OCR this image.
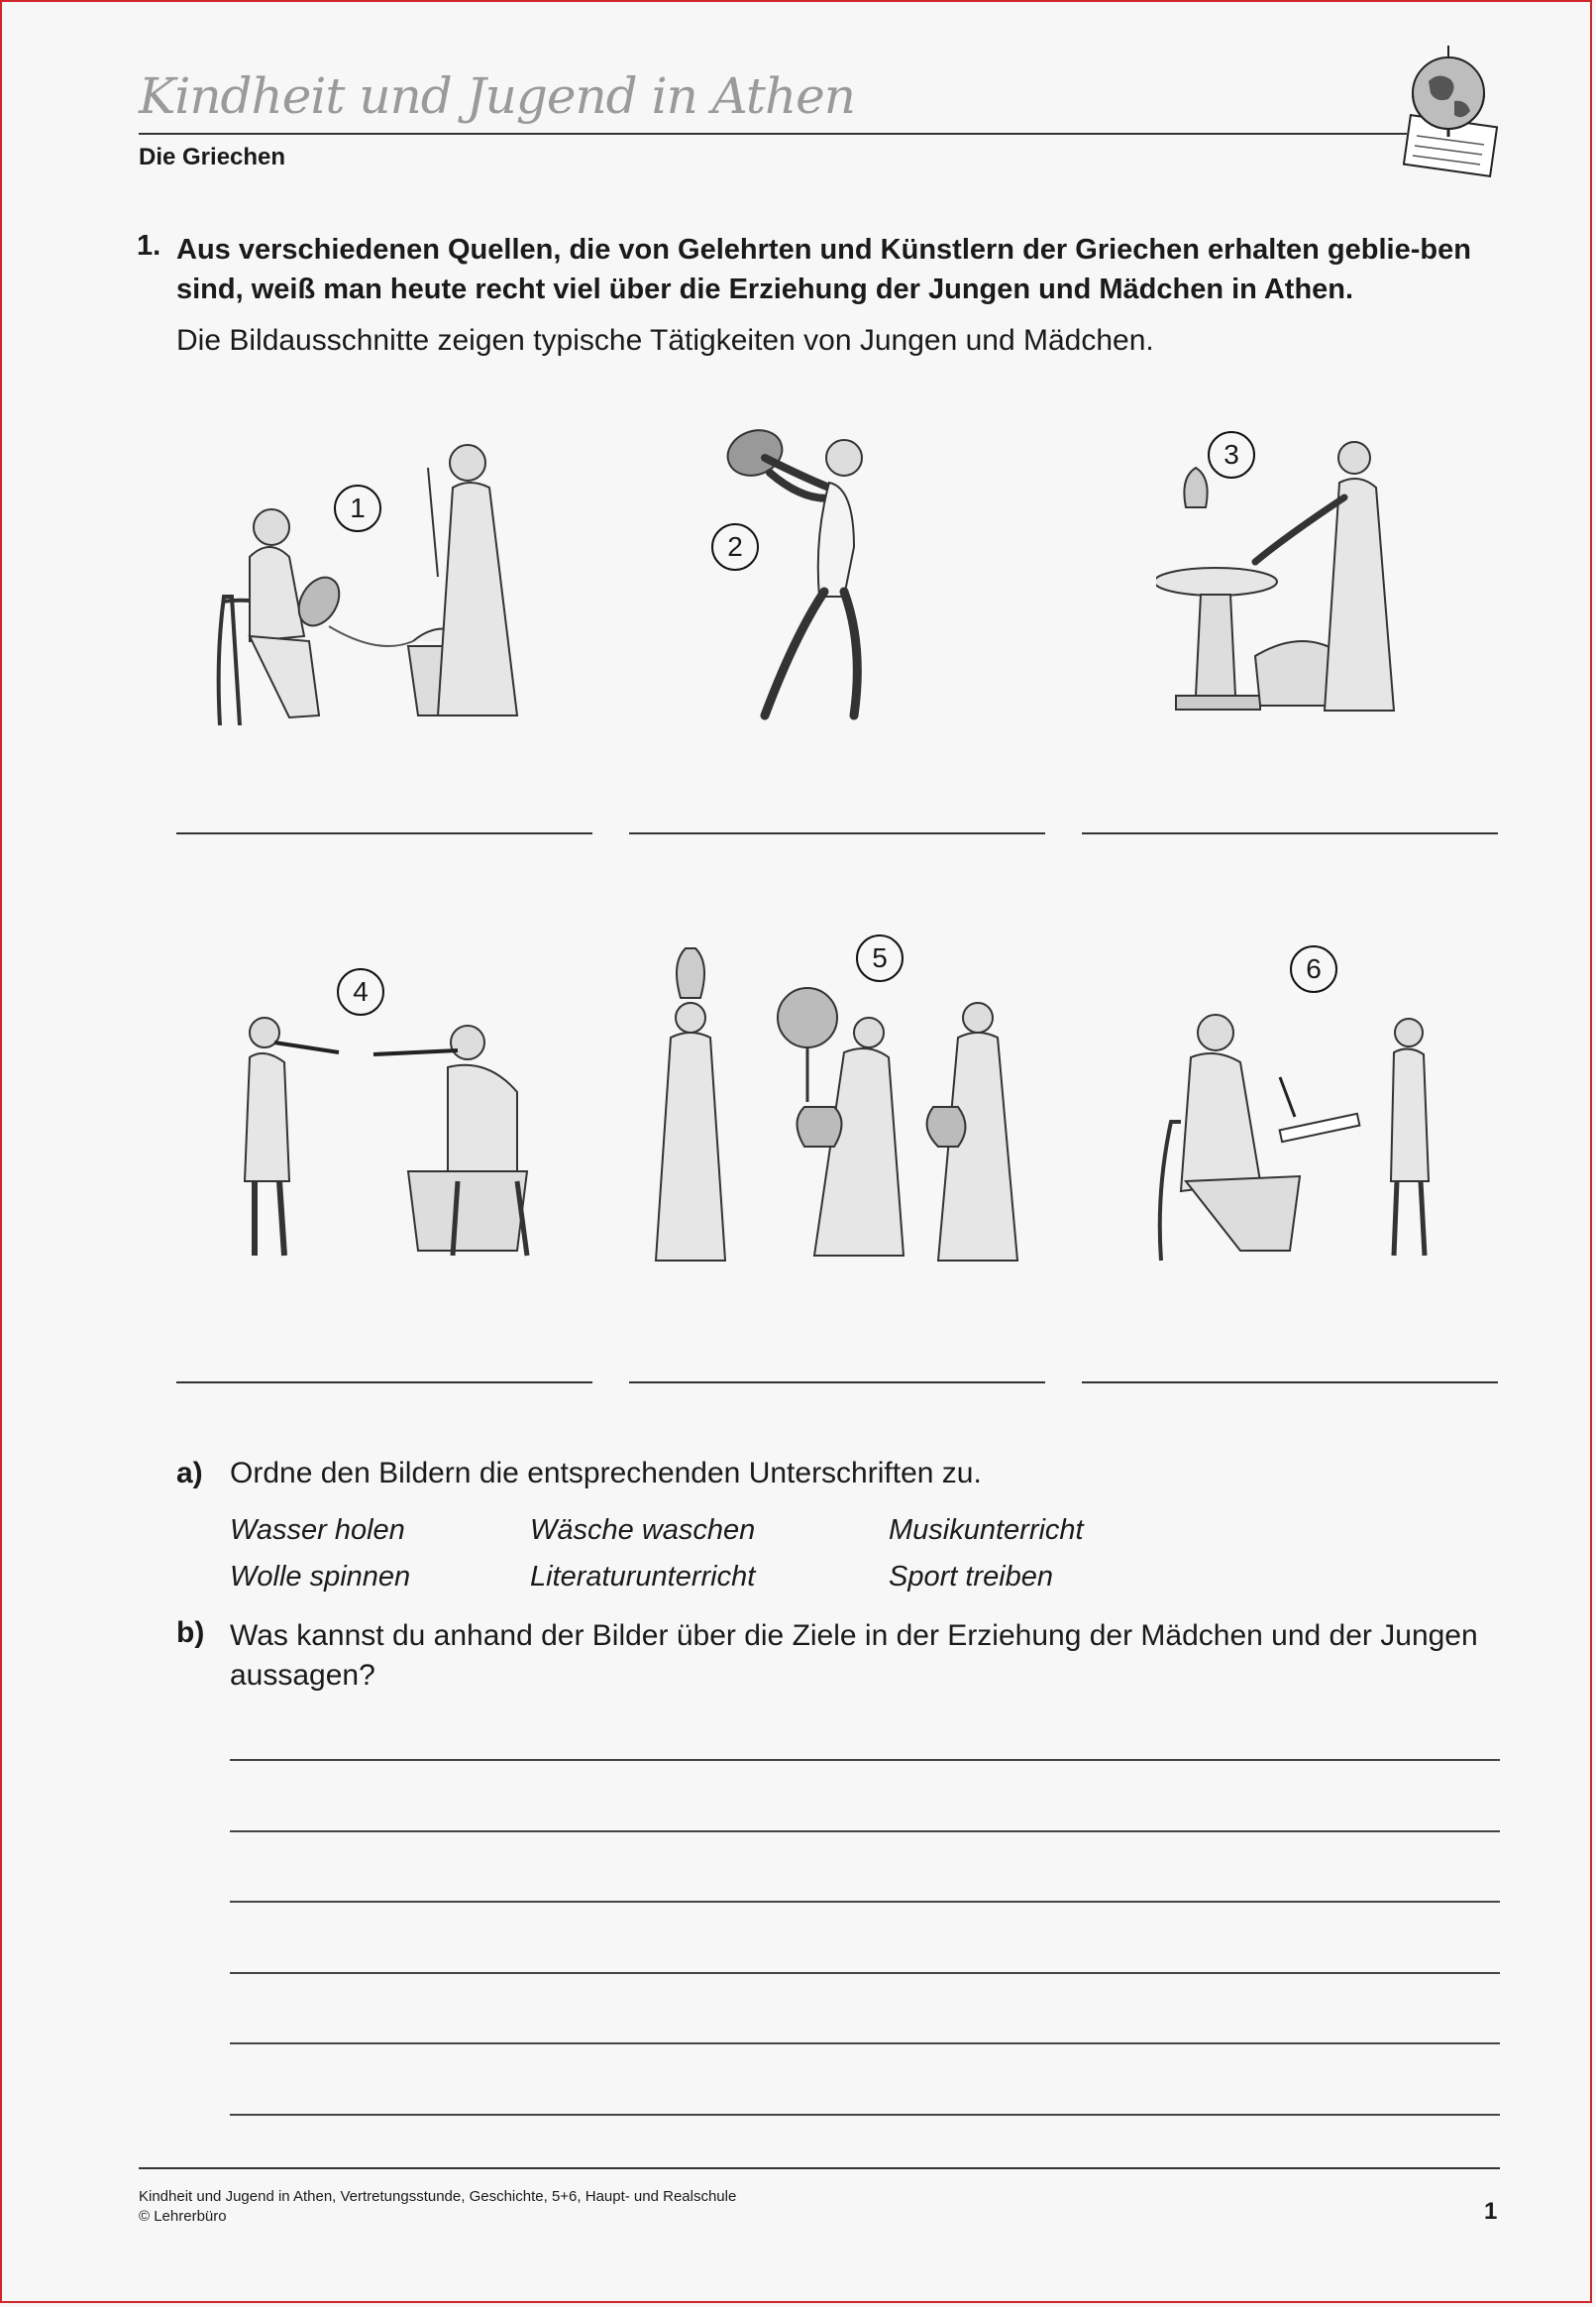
Kindheit und Jugend in Athen
Die Griechen
1. Aus verschiedenen Quellen, die von Gelehrten und Künstlern der Griechen erhalten geblie-ben sind, weiß man heute recht viel über die Erziehung der Jungen und Mädchen in Athen.
Die Bildausschnitte zeigen typische Tätigkeiten von Jungen und Mädchen.
1
2
3
4
5	6
a) Ordne den Bildern die entsprechenden Unterschriften zu.
Wasser holen	Wäsche waschen	Musikunterricht
Wolle spinnen	Literaturunterricht	Sport treiben
b) Was kannst du anhand der Bilder über die Ziele in der Erziehung der Mädchen und der Jungen aussagen?
Kindheit und Jugend in Athen, Vertretungsstunde, Geschichte, 5+6, Haupt- und Realschule
© Lehrerbüro	1
